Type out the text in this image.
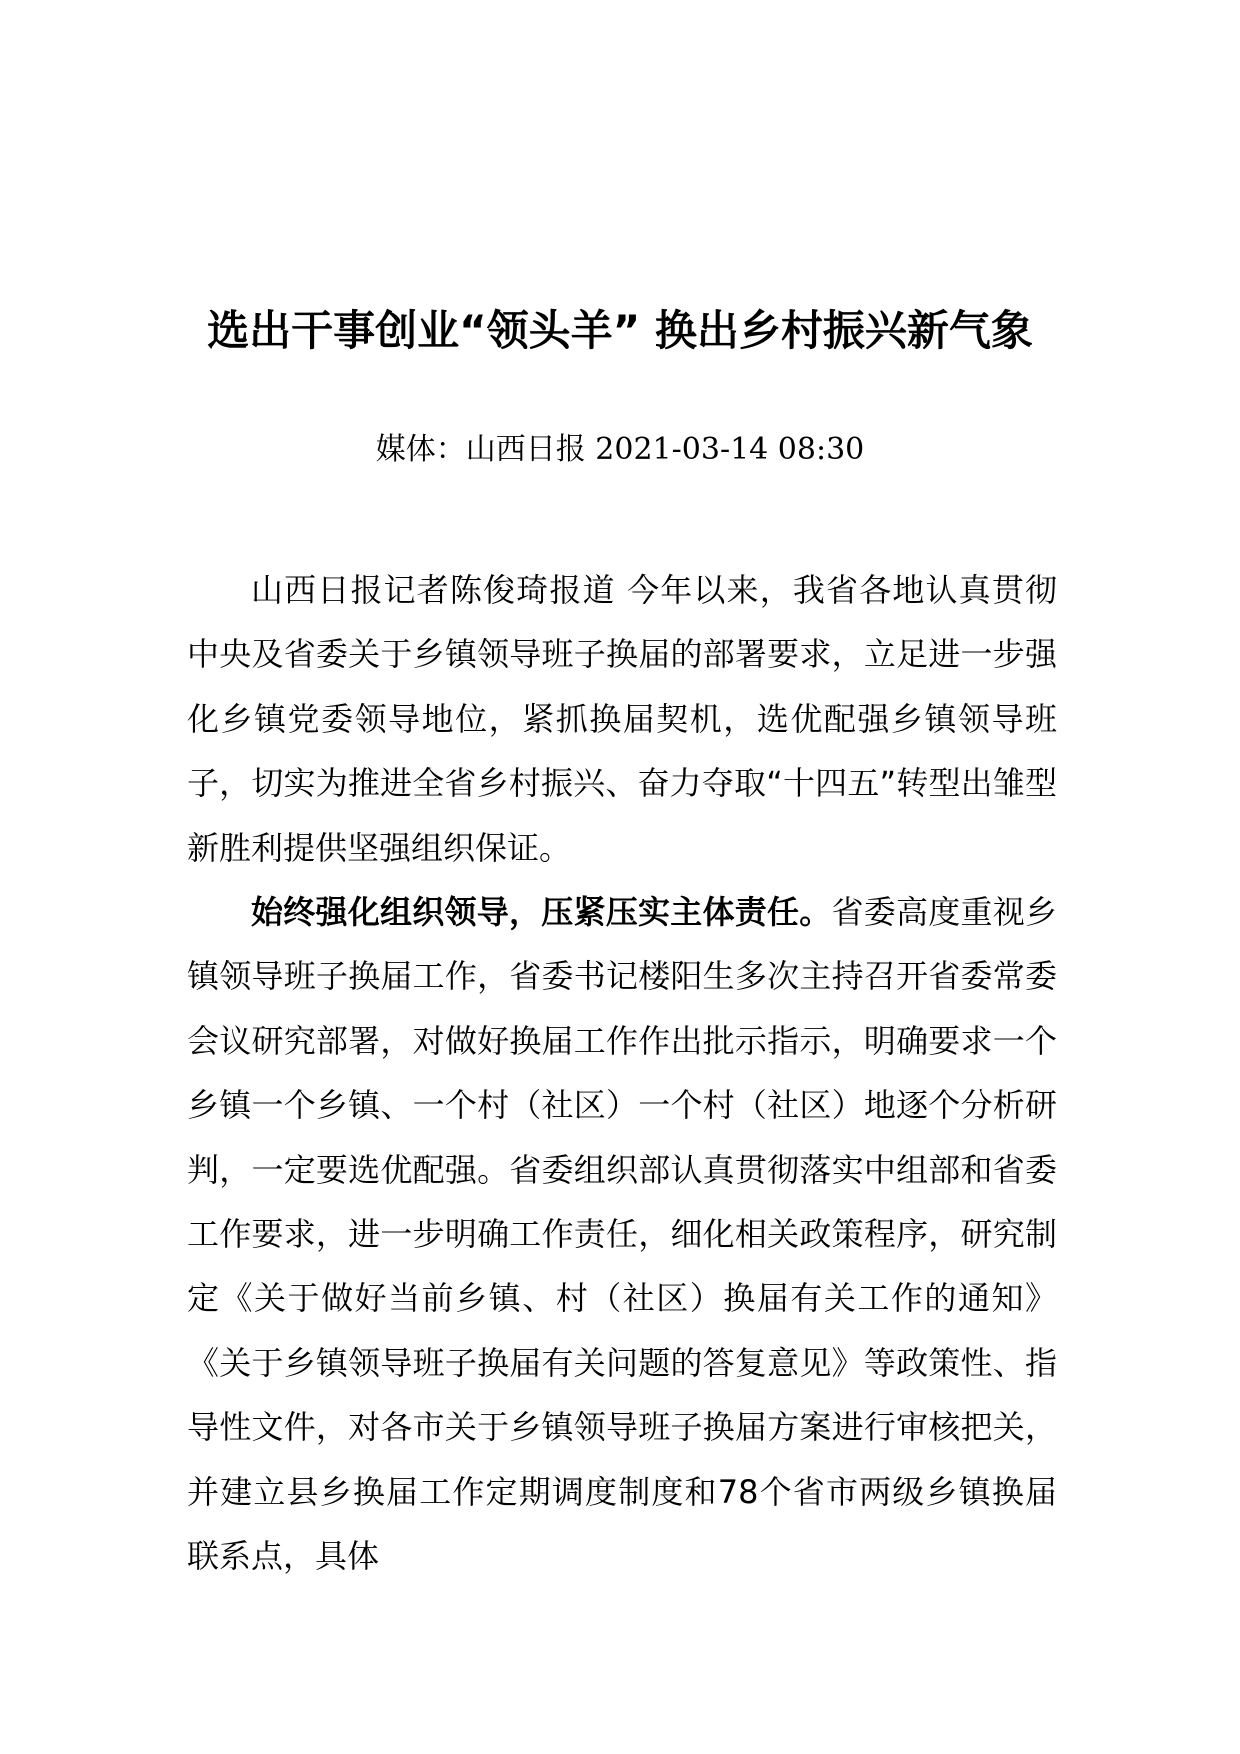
选出干事创业“领头羊” 换出乡村振兴新气象

媒体：山西日报 2021-03-14 08:30

山西日报记者陈俊琦报道 今年以来，我省各地认真贯彻中央及省委关于乡镇领导班子换届的部署要求，立足进一步强化乡镇党委领导地位，紧抓换届契机，选优配强乡镇领导班子，切实为推进全省乡村振兴、奋力夺取“十四五”转型出雏型新胜利提供坚强组织保证。

始终强化组织领导，压紧压实主体责任。省委高度重视乡镇领导班子换届工作，省委书记楼阳生多次主持召开省委常委会议研究部署，对做好换届工作作出批示指示，明确要求一个乡镇一个乡镇、一个村（社区）一个村（社区）地逐个分析研判，一定要选优配强。省委组织部认真贯彻落实中组部和省委工作要求，进一步明确工作责任，细化相关政策程序，研究制定《关于做好当前乡镇、村（社区）换届有关工作的通知》《关于乡镇领导班子换届有关问题的答复意见》等政策性、指导性文件，对各市关于乡镇领导班子换届方案进行审核把关，并建立县乡换届工作定期调度制度和78个省市两级乡镇换届联系点，具体
